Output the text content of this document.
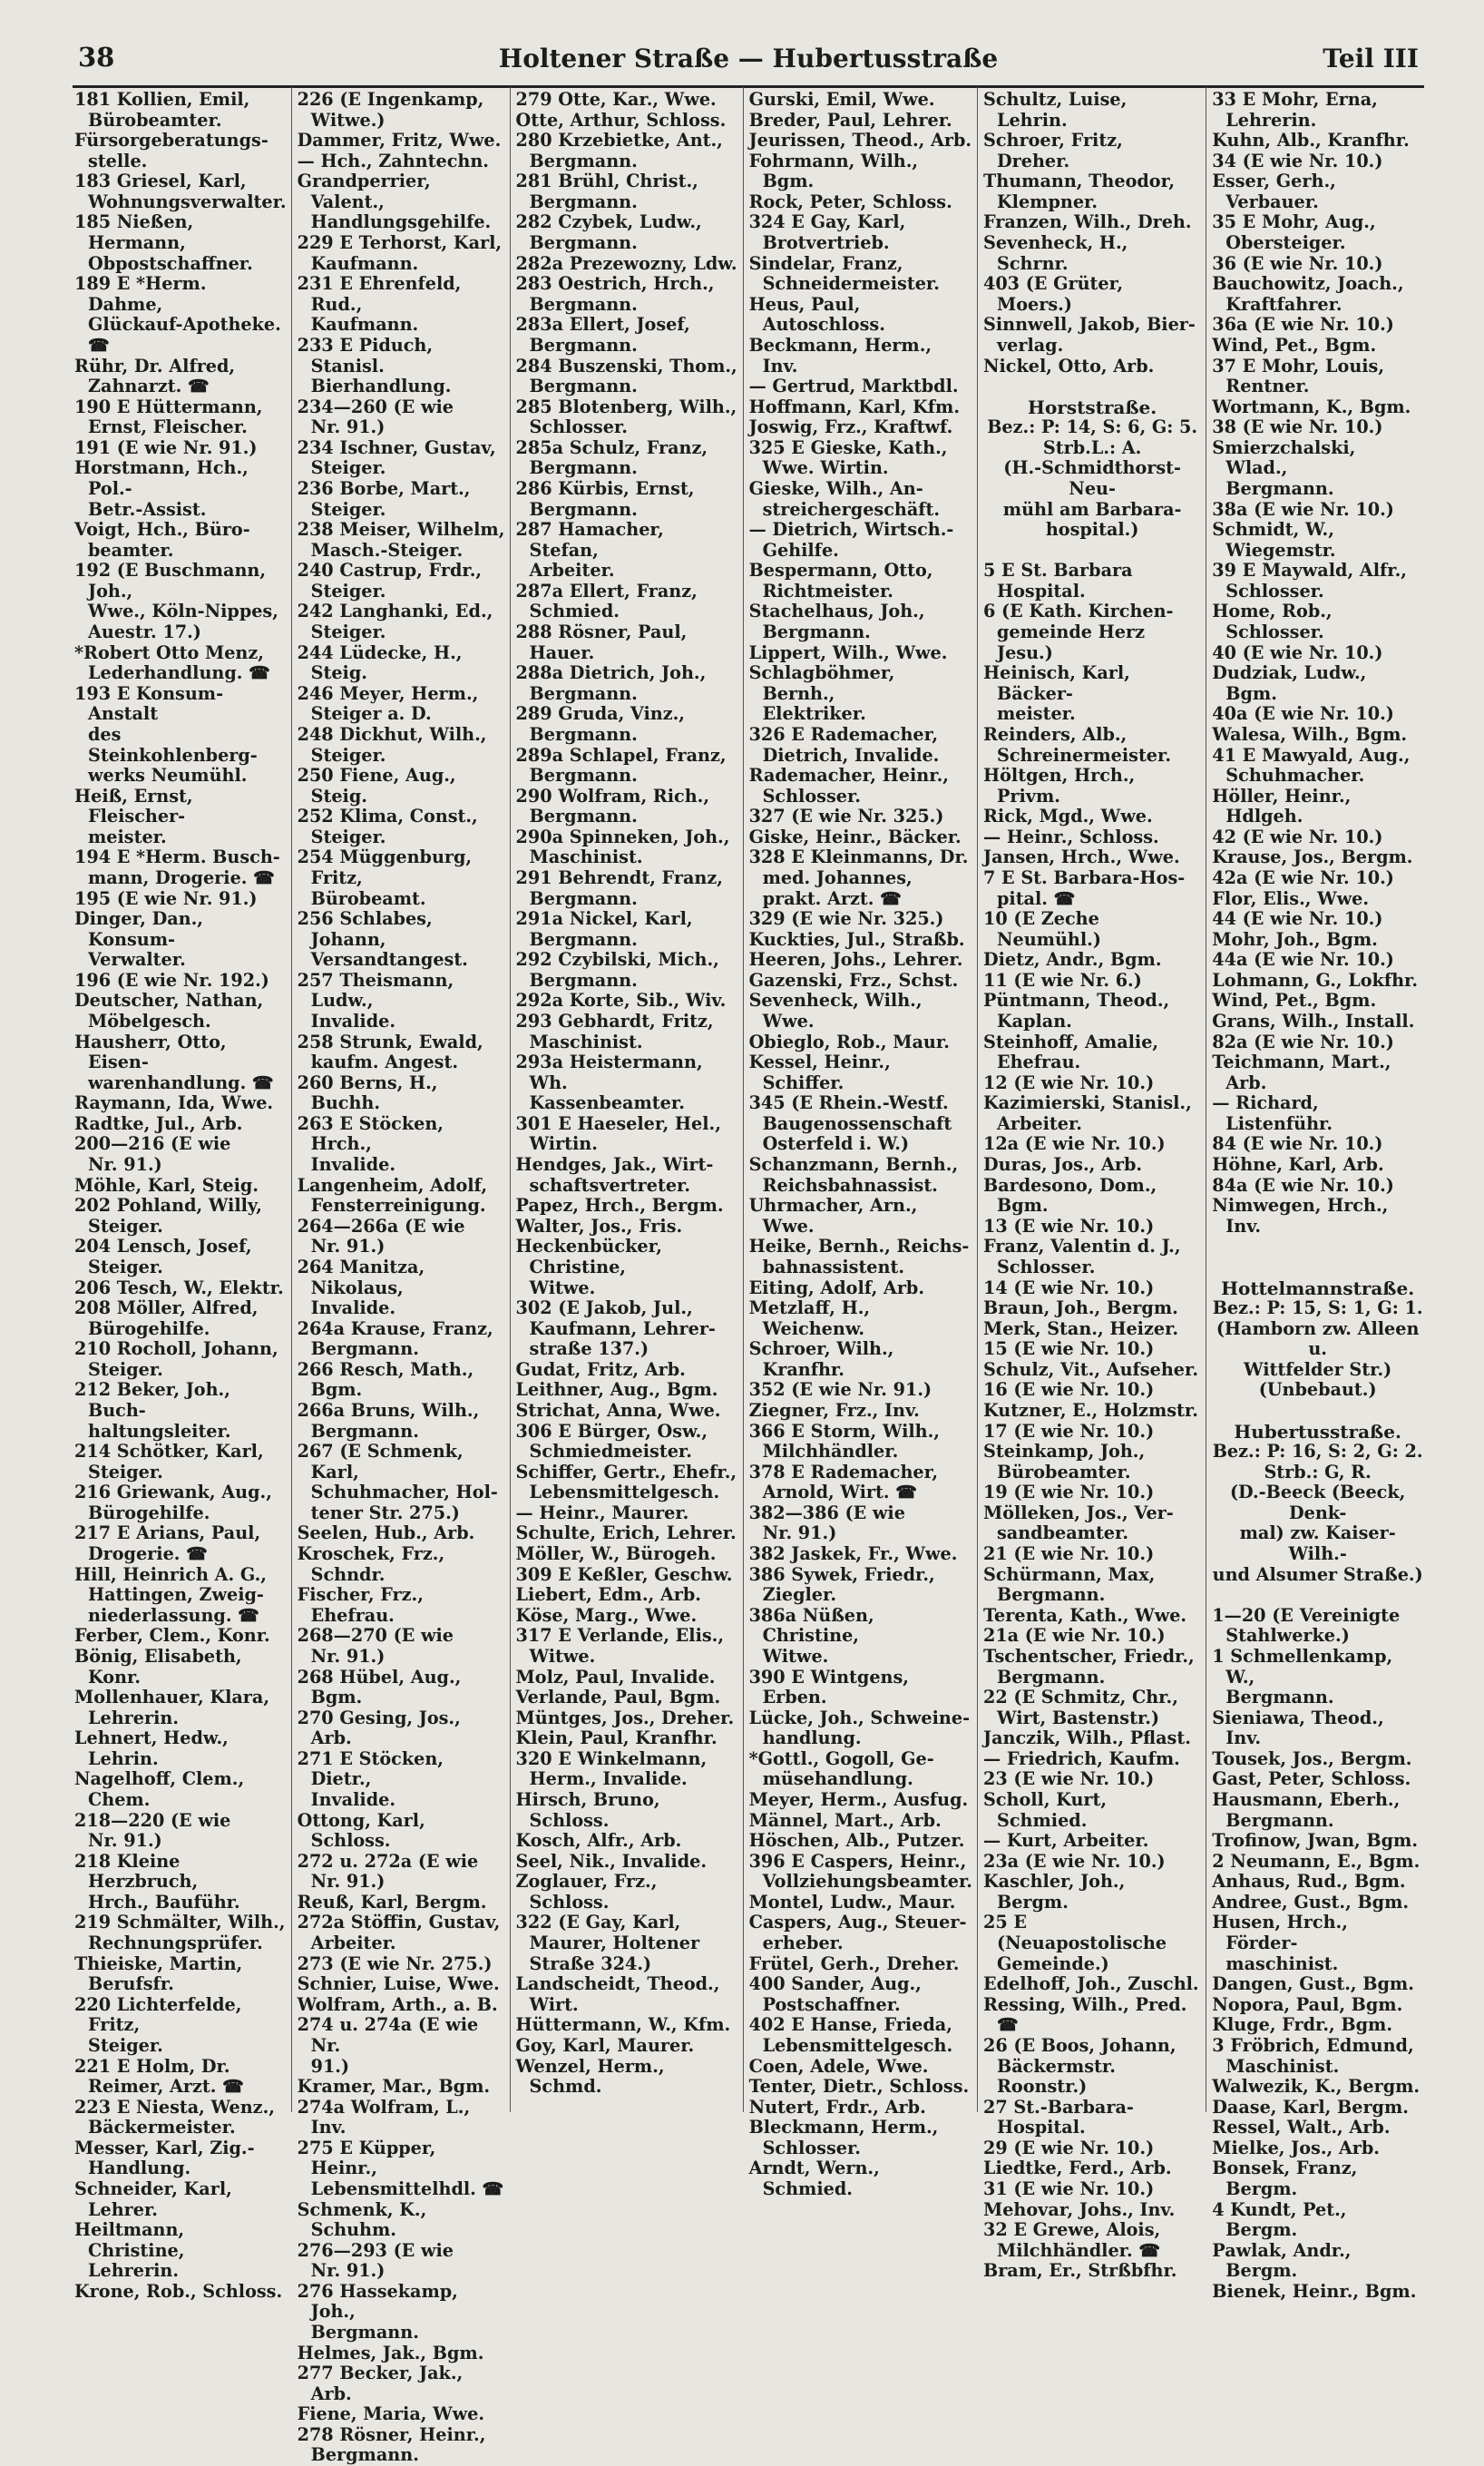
38	Holtener Straße — Hubertusstraße	Teil III
181 Kollien, Emil,
Bürobeamter.
Fürsorgeberatungs-
stelle.
183 Griesel, Karl,
Wohnungsverwalter.
185 Nießen, Hermann,
Obpostschaffner.
189 E *Herm. Dahme,
Glückauf-Apotheke. ☎
Rühr, Dr. Alfred,
Zahnarzt. ☎
190 E Hüttermann,
Ernst, Fleischer.
191 (E wie Nr. 91.)
Horstmann, Hch., Pol.-
Betr.-Assist.
Voigt, Hch., Büro-
beamter.
192 (E Buschmann, Joh.,
Wwe., Köln-Nippes,
Auestr. 17.)
*Robert Otto Menz,
Lederhandlung. ☎
193 E Konsum-Anstalt
des Steinkohlenberg-
werks Neumühl.
Heiß, Ernst, Fleischer-
meister.
194 E *Herm. Busch-
mann, Drogerie. ☎
195 (E wie Nr. 91.)
Dinger, Dan., Konsum-
Verwalter.
196 (E wie Nr. 192.)
Deutscher, Nathan,
Möbelgesch.
Hausherr, Otto, Eisen-
warenhandlung. ☎
Raymann, Ida, Wwe.
Radtke, Jul., Arb.
200—216 (E wie
Nr. 91.)
Möhle, Karl, Steig.
202 Pohland, Willy,
Steiger.
204 Lensch, Josef,
Steiger.
206 Tesch, W., Elektr.
208 Möller, Alfred,
Bürogehilfe.
210 Rocholl, Johann,
Steiger.
212 Beker, Joh., Buch-
haltungsleiter.
214 Schötker, Karl,
Steiger.
216 Griewank, Aug.,
Bürogehilfe.
217 E Arians, Paul,
Drogerie. ☎
Hill, Heinrich A. G.,
Hattingen, Zweig-
niederlassung. ☎
Ferber, Clem., Konr.
Bönig, Elisabeth, Konr.
Mollenhauer, Klara,
Lehrerin.
Lehnert, Hedw., Lehrin.
Nagelhoff, Clem.,
Chem.
218—220 (E wie
Nr. 91.)
218 Kleine Herzbruch,
Hrch., Bauführ.
219 Schmälter, Wilh.,
Rechnungsprüfer.
Thieiske, Martin,
Berufsfr.
220 Lichterfelde, Fritz,
Steiger.
221 E Holm, Dr.
Reimer, Arzt. ☎
223 E Niesta, Wenz.,
Bäckermeister.
Messer, Karl, Zig.-
Handlung.
Schneider, Karl, Lehrer.
Heiltmann, Christine,
Lehrerin.
Krone, Rob., Schloss.
226 (E Ingenkamp,
Witwe.)
Dammer, Fritz, Wwe.
— Hch., Zahntechn.
Grandperrier, Valent.,
Handlungsgehilfe.
229 E Terhorst, Karl,
Kaufmann.
231 E Ehrenfeld, Rud.,
Kaufmann.
233 E Piduch, Stanisl.
Bierhandlung.
234—260 (E wie
Nr. 91.)
234 Ischner, Gustav,
Steiger.
236 Borbe, Mart.,
Steiger.
238 Meiser, Wilhelm,
Masch.-Steiger.
240 Castrup, Frdr.,
Steiger.
242 Langhanki, Ed.,
Steiger.
244 Lüdecke, H., Steig.
246 Meyer, Herm.,
Steiger a. D.
248 Dickhut, Wilh.,
Steiger.
250 Fiene, Aug., Steig.
252 Klima, Const.,
Steiger.
254 Müggenburg, Fritz,
Bürobeamt.
256 Schlabes, Johann,
Versandtangest.
257 Theismann, Ludw.,
Invalide.
258 Strunk, Ewald,
kaufm. Angest.
260 Berns, H., Buchh.
263 E Stöcken, Hrch.,
Invalide.
Langenheim, Adolf,
Fensterreinigung.
264—266a (E wie
Nr. 91.)
264 Manitza, Nikolaus,
Invalide.
264a Krause, Franz,
Bergmann.
266 Resch, Math., Bgm.
266a Bruns, Wilh.,
Bergmann.
267 (E Schmenk, Karl,
Schuhmacher, Hol-
tener Str. 275.)
Seelen, Hub., Arb.
Kroschek, Frz., Schndr.
Fischer, Frz., Ehefrau.
268—270 (E wie
Nr. 91.)
268 Hübel, Aug., Bgm.
270 Gesing, Jos., Arb.
271 E Stöcken, Dietr.,
Invalide.
Ottong, Karl, Schloss.
272 u. 272a (E wie
Nr. 91.)
Reuß, Karl, Bergm.
272a Stöffin, Gustav,
Arbeiter.
273 (E wie Nr. 275.)
Schnier, Luise, Wwe.
Wolfram, Arth., a. B.
274 u. 274a (E wie Nr.
91.)
Kramer, Mar., Bgm.
274a Wolfram, L., Inv.
275 E Küpper, Heinr.,
Lebensmittelhdl. ☎
Schmenk, K., Schuhm.
276—293 (E wie
Nr. 91.)
276 Hassekamp, Joh.,
Bergmann.
Helmes, Jak., Bgm.
277 Becker, Jak., Arb.
Fiene, Maria, Wwe.
278 Rösner, Heinr.,
Bergmann.
279 Otte, Kar., Wwe.
Otte, Arthur, Schloss.
280 Krzebietke, Ant.,
Bergmann.
281 Brühl, Christ.,
Bergmann.
282 Czybek, Ludw.,
Bergmann.
282a Prezewozny, Ldw.
283 Oestrich, Hrch.,
Bergmann.
283a Ellert, Josef,
Bergmann.
284 Buszenski, Thom.,
Bergmann.
285 Blotenberg, Wilh.,
Schlosser.
285a Schulz, Franz,
Bergmann.
286 Kürbis, Ernst,
Bergmann.
287 Hamacher, Stefan,
Arbeiter.
287a Ellert, Franz,
Schmied.
288 Rösner, Paul,
Hauer.
288a Dietrich, Joh.,
Bergmann.
289 Gruda, Vinz.,
Bergmann.
289a Schlapel, Franz,
Bergmann.
290 Wolfram, Rich.,
Bergmann.
290a Spinneken, Joh.,
Maschinist.
291 Behrendt, Franz,
Bergmann.
291a Nickel, Karl,
Bergmann.
292 Czybilski, Mich.,
Bergmann.
292a Korte, Sib., Wiv.
293 Gebhardt, Fritz,
Maschinist.
293a Heistermann, Wh.
Kassenbeamter.
301 E Haeseler, Hel.,
Wirtin.
Hendges, Jak., Wirt-
schaftsvertreter.
Papez, Hrch., Bergm.
Walter, Jos., Fris.
Heckenbücker, Christine,
Witwe.
302 (E Jakob, Jul.,
Kaufmann, Lehrer-
straße 137.)
Gudat, Fritz, Arb.
Leithner, Aug., Bgm.
Strichat, Anna, Wwe.
306 E Bürger, Osw.,
Schmiedmeister.
Schiffer, Gertr., Ehefr.,
Lebensmittelgesch.
— Heinr., Maurer.
Schulte, Erich, Lehrer.
Möller, W., Bürogeh.
309 E Keßler, Geschw.
Liebert, Edm., Arb.
Köse, Marg., Wwe.
317 E Verlande, Elis.,
Witwe.
Molz, Paul, Invalide.
Verlande, Paul, Bgm.
Müntges, Jos., Dreher.
Klein, Paul, Kranfhr.
320 E Winkelmann,
Herm., Invalide.
Hirsch, Bruno, Schloss.
Kosch, Alfr., Arb.
Seel, Nik., Invalide.
Zoglauer, Frz., Schloss.
322 (E Gay, Karl,
Maurer, Holtener
Straße 324.)
Landscheidt, Theod.,
Wirt.
Hüttermann, W., Kfm.
Goy, Karl, Maurer.
Wenzel, Herm., Schmd.
Gurski, Emil, Wwe.
Breder, Paul, Lehrer.
Jeurissen, Theod., Arb.
Fohrmann, Wilh., Bgm.
Rock, Peter, Schloss.
324 E Gay, Karl,
Brotvertrieb.
Sindelar, Franz,
Schneidermeister.
Heus, Paul, Autoschloss.
Beckmann, Herm., Inv.
— Gertrud, Marktbdl.
Hoffmann, Karl, Kfm.
Joswig, Frz., Kraftwf.
325 E Gieske, Kath.,
Wwe. Wirtin.
Gieske, Wilh., An-
streichergeschäft.
— Dietrich, Wirtsch.-
Gehilfe.
Bespermann, Otto,
Richtmeister.
Stachelhaus, Joh.,
Bergmann.
Lippert, Wilh., Wwe.
Schlagböhmer, Bernh.,
Elektriker.
326 E Rademacher,
Dietrich, Invalide.
Rademacher, Heinr.,
Schlosser.
327 (E wie Nr. 325.)
Giske, Heinr., Bäcker.
328 E Kleinmanns, Dr.
med. Johannes,
prakt. Arzt. ☎
329 (E wie Nr. 325.)
Kuckties, Jul., Straßb.
Heeren, Johs., Lehrer.
Gazenski, Frz., Schst.
Sevenheck, Wilh., Wwe.
Obieglo, Rob., Maur.
Kessel, Heinr., Schiffer.
345 (E Rhein.-Westf.
Baugenossenschaft
Osterfeld i. W.)
Schanzmann, Bernh.,
Reichsbahnassist.
Uhrmacher, Arn., Wwe.
Heike, Bernh., Reichs-
bahnassistent.
Eiting, Adolf, Arb.
Metzlaff, H., Weichenw.
Schroer, Wilh., Kranfhr.
352 (E wie Nr. 91.)
Ziegner, Frz., Inv.
366 E Storm, Wilh.,
Milchhändler.
378 E Rademacher,
Arnold, Wirt. ☎
382—386 (E wie
Nr. 91.)
382 Jaskek, Fr., Wwe.
386 Sywek, Friedr.,
Ziegler.
386a Nüßen, Christine,
Witwe.
390 E Wintgens, Erben.
Lücke, Joh., Schweine-
handlung.
*Gottl., Gogoll, Ge-
müsehandlung.
Meyer, Herm., Ausfug.
Männel, Mart., Arb.
Höschen, Alb., Putzer.
396 E Caspers, Heinr.,
Vollziehungsbeamter.
Montel, Ludw., Maur.
Caspers, Aug., Steuer-
erheber.
Frütel, Gerh., Dreher.
400 Sander, Aug.,
Postschaffner.
402 E Hanse, Frieda,
Lebensmittelgesch.
Coen, Adele, Wwe.
Tenter, Dietr., Schloss.
Nutert, Frdr., Arb.
Bleckmann, Herm.,
Schlosser.
Arndt, Wern., Schmied.
Schultz, Luise, Lehrin.
Schroer, Fritz, Dreher.
Thumann, Theodor,
Klempner.
Franzen, Wilh., Dreh.
Sevenheck, H., Schrnr.
403 (E Grüter, Moers.)
Sinnwell, Jakob, Bier-
verlag.
Nickel, Otto, Arb.
Horststraße.
Bez.: P: 14, S: 6, G: 5.
Strb.L.: A.
(H.-Schmidthorst-Neu-
mühl am Barbara-
hospital.)
5 E St. Barbara
Hospital.
6 (E Kath. Kirchen-
gemeinde Herz Jesu.)
Heinisch, Karl, Bäcker-
meister.
Reinders, Alb.,
Schreinermeister.
Höltgen, Hrch., Privm.
Rick, Mgd., Wwe.
— Heinr., Schloss.
Jansen, Hrch., Wwe.
7 E St. Barbara-Hos-
pital. ☎
10 (E Zeche Neumühl.)
Dietz, Andr., Bgm.
11 (E wie Nr. 6.)
Püntmann, Theod.,
Kaplan.
Steinhoff, Amalie,
Ehefrau.
12 (E wie Nr. 10.)
Kazimierski, Stanisl.,
Arbeiter.
12a (E wie Nr. 10.)
Duras, Jos., Arb.
Bardesono, Dom., Bgm.
13 (E wie Nr. 10.)
Franz, Valentin d. J.,
Schlosser.
14 (E wie Nr. 10.)
Braun, Joh., Bergm.
Merk, Stan., Heizer.
15 (E wie Nr. 10.)
Schulz, Vit., Aufseher.
16 (E wie Nr. 10.)
Kutzner, E., Holzmstr.
17 (E wie Nr. 10.)
Steinkamp, Joh.,
Bürobeamter.
19 (E wie Nr. 10.)
Mölleken, Jos., Ver-
sandbeamter.
21 (E wie Nr. 10.)
Schürmann, Max,
Bergmann.
Terenta, Kath., Wwe.
21a (E wie Nr. 10.)
Tschentscher, Friedr.,
Bergmann.
22 (E Schmitz, Chr.,
Wirt, Bastenstr.)
Janczik, Wilh., Pflast.
— Friedrich, Kaufm.
23 (E wie Nr. 10.)
Scholl, Kurt, Schmied.
— Kurt, Arbeiter.
23a (E wie Nr. 10.)
Kaschler, Joh., Bergm.
25 E (Neuapostolische
Gemeinde.)
Edelhoff, Joh., Zuschl.
Ressing, Wilh., Pred. ☎
26 (E Boos, Johann,
Bäckermstr. Roonstr.)
27 St.-Barbara-Hospital.
29 (E wie Nr. 10.)
Liedtke, Ferd., Arb.
31 (E wie Nr. 10.)
Mehovar, Johs., Inv.
32 E Grewe, Alois,
Milchhändler. ☎
Bram, Er., Strßbfhr.
33 E Mohr, Erna,
Lehrerin.
Kuhn, Alb., Kranfhr.
34 (E wie Nr. 10.)
Esser, Gerh., Verbauer.
35 E Mohr, Aug.,
Obersteiger.
36 (E wie Nr. 10.)
Bauchowitz, Joach.,
Kraftfahrer.
36a (E wie Nr. 10.)
Wind, Pet., Bgm.
37 E Mohr, Louis,
Rentner.
Wortmann, K., Bgm.
38 (E wie Nr. 10.)
Smierzchalski, Wlad.,
Bergmann.
38a (E wie Nr. 10.)
Schmidt, W., Wiegemstr.
39 E Maywald, Alfr.,
Schlosser.
Home, Rob., Schlosser.
40 (E wie Nr. 10.)
Dudziak, Ludw., Bgm.
40a (E wie Nr. 10.)
Walesa, Wilh., Bgm.
41 E Mawyald, Aug.,
Schuhmacher.
Höller, Heinr., Hdlgeh.
42 (E wie Nr. 10.)
Krause, Jos., Bergm.
42a (E wie Nr. 10.)
Flor, Elis., Wwe.
44 (E wie Nr. 10.)
Mohr, Joh., Bgm.
44a (E wie Nr. 10.)
Lohmann, G., Lokfhr.
Wind, Pet., Bgm.
Grans, Wilh., Install.
82a (E wie Nr. 10.)
Teichmann, Mart., Arb.
— Richard, Listenführ.
84 (E wie Nr. 10.)
Höhne, Karl, Arb.
84a (E wie Nr. 10.)
Nimwegen, Hrch., Inv.
Hottelmannstraße.
Bez.: P: 15, S: 1, G: 1.
(Hamborn zw. Alleen u.
Wittfelder Str.)
(Unbebaut.)
Hubertusstraße.
Bez.: P: 16, S: 2, G: 2.
Strb.: G, R.
(D.-Beeck (Beeck, Denk-
mal) zw. Kaiser-Wilh.-
und Alsumer Straße.)
1—20 (E Vereinigte
Stahlwerke.)
1 Schmellenkamp, W.,
Bergmann.
Sieniawa, Theod., Inv.
Tousek, Jos., Bergm.
Gast, Peter, Schloss.
Hausmann, Eberh.,
Bergmann.
Trofinow, Jwan, Bgm.
2 Neumann, E., Bgm.
Anhaus, Rud., Bgm.
Andree, Gust., Bgm.
Husen, Hrch., Förder-
maschinist.
Dangen, Gust., Bgm.
Nopora, Paul, Bgm.
Kluge, Frdr., Bgm.
3 Fröbrich, Edmund,
Maschinist.
Walwezik, K., Bergm.
Daase, Karl, Bergm.
Ressel, Walt., Arb.
Mielke, Jos., Arb.
Bonsek, Franz, Bergm.
4 Kundt, Pet., Bergm.
Pawlak, Andr., Bergm.
Bienek, Heinr., Bgm.
